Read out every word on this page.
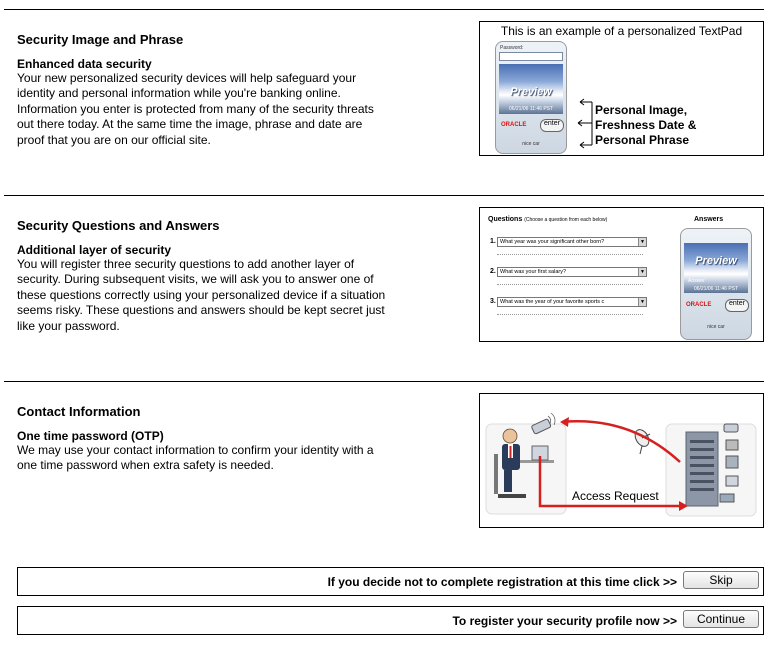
Security Image and Phrase
Enhanced data security
Your new personalized security devices will help safeguard your identity and personal information while you're banking online. Information you enter is protected from many of the security threats out there today. At the same time the image, phrase and date are proof that you are on our official site.
This is an example of a personalized TextPad
Password:
Preview
06/21/06 11:46 PST
ORACLE	enter
nice car
Personal Image,
Freshness Date &
Personal Phrase
Security Questions and Answers
Additional layer of security
You will register three security questions to add another layer of security. During subsequent visits, we will ask you to answer one of these questions correctly using your personalized device if a situation seems risky. These questions and answers should be kept secret just like your password.
Questions (Choose a question from each below)	Answers
1. What year was your significant other born?	▼
2. What was your first salary?	▼
3. What was the year of your favorite sports c	▼
Preview
Answer
06/21/06 11:46 PST
ORACLE	enter
nice car
Contact Information
One time password (OTP)
We may use your contact information to confirm your identity with a one time password when extra safety is needed.
Access Request
If you decide not to complete registration at this time click >>	Skip
To register your security profile now >>	Continue
